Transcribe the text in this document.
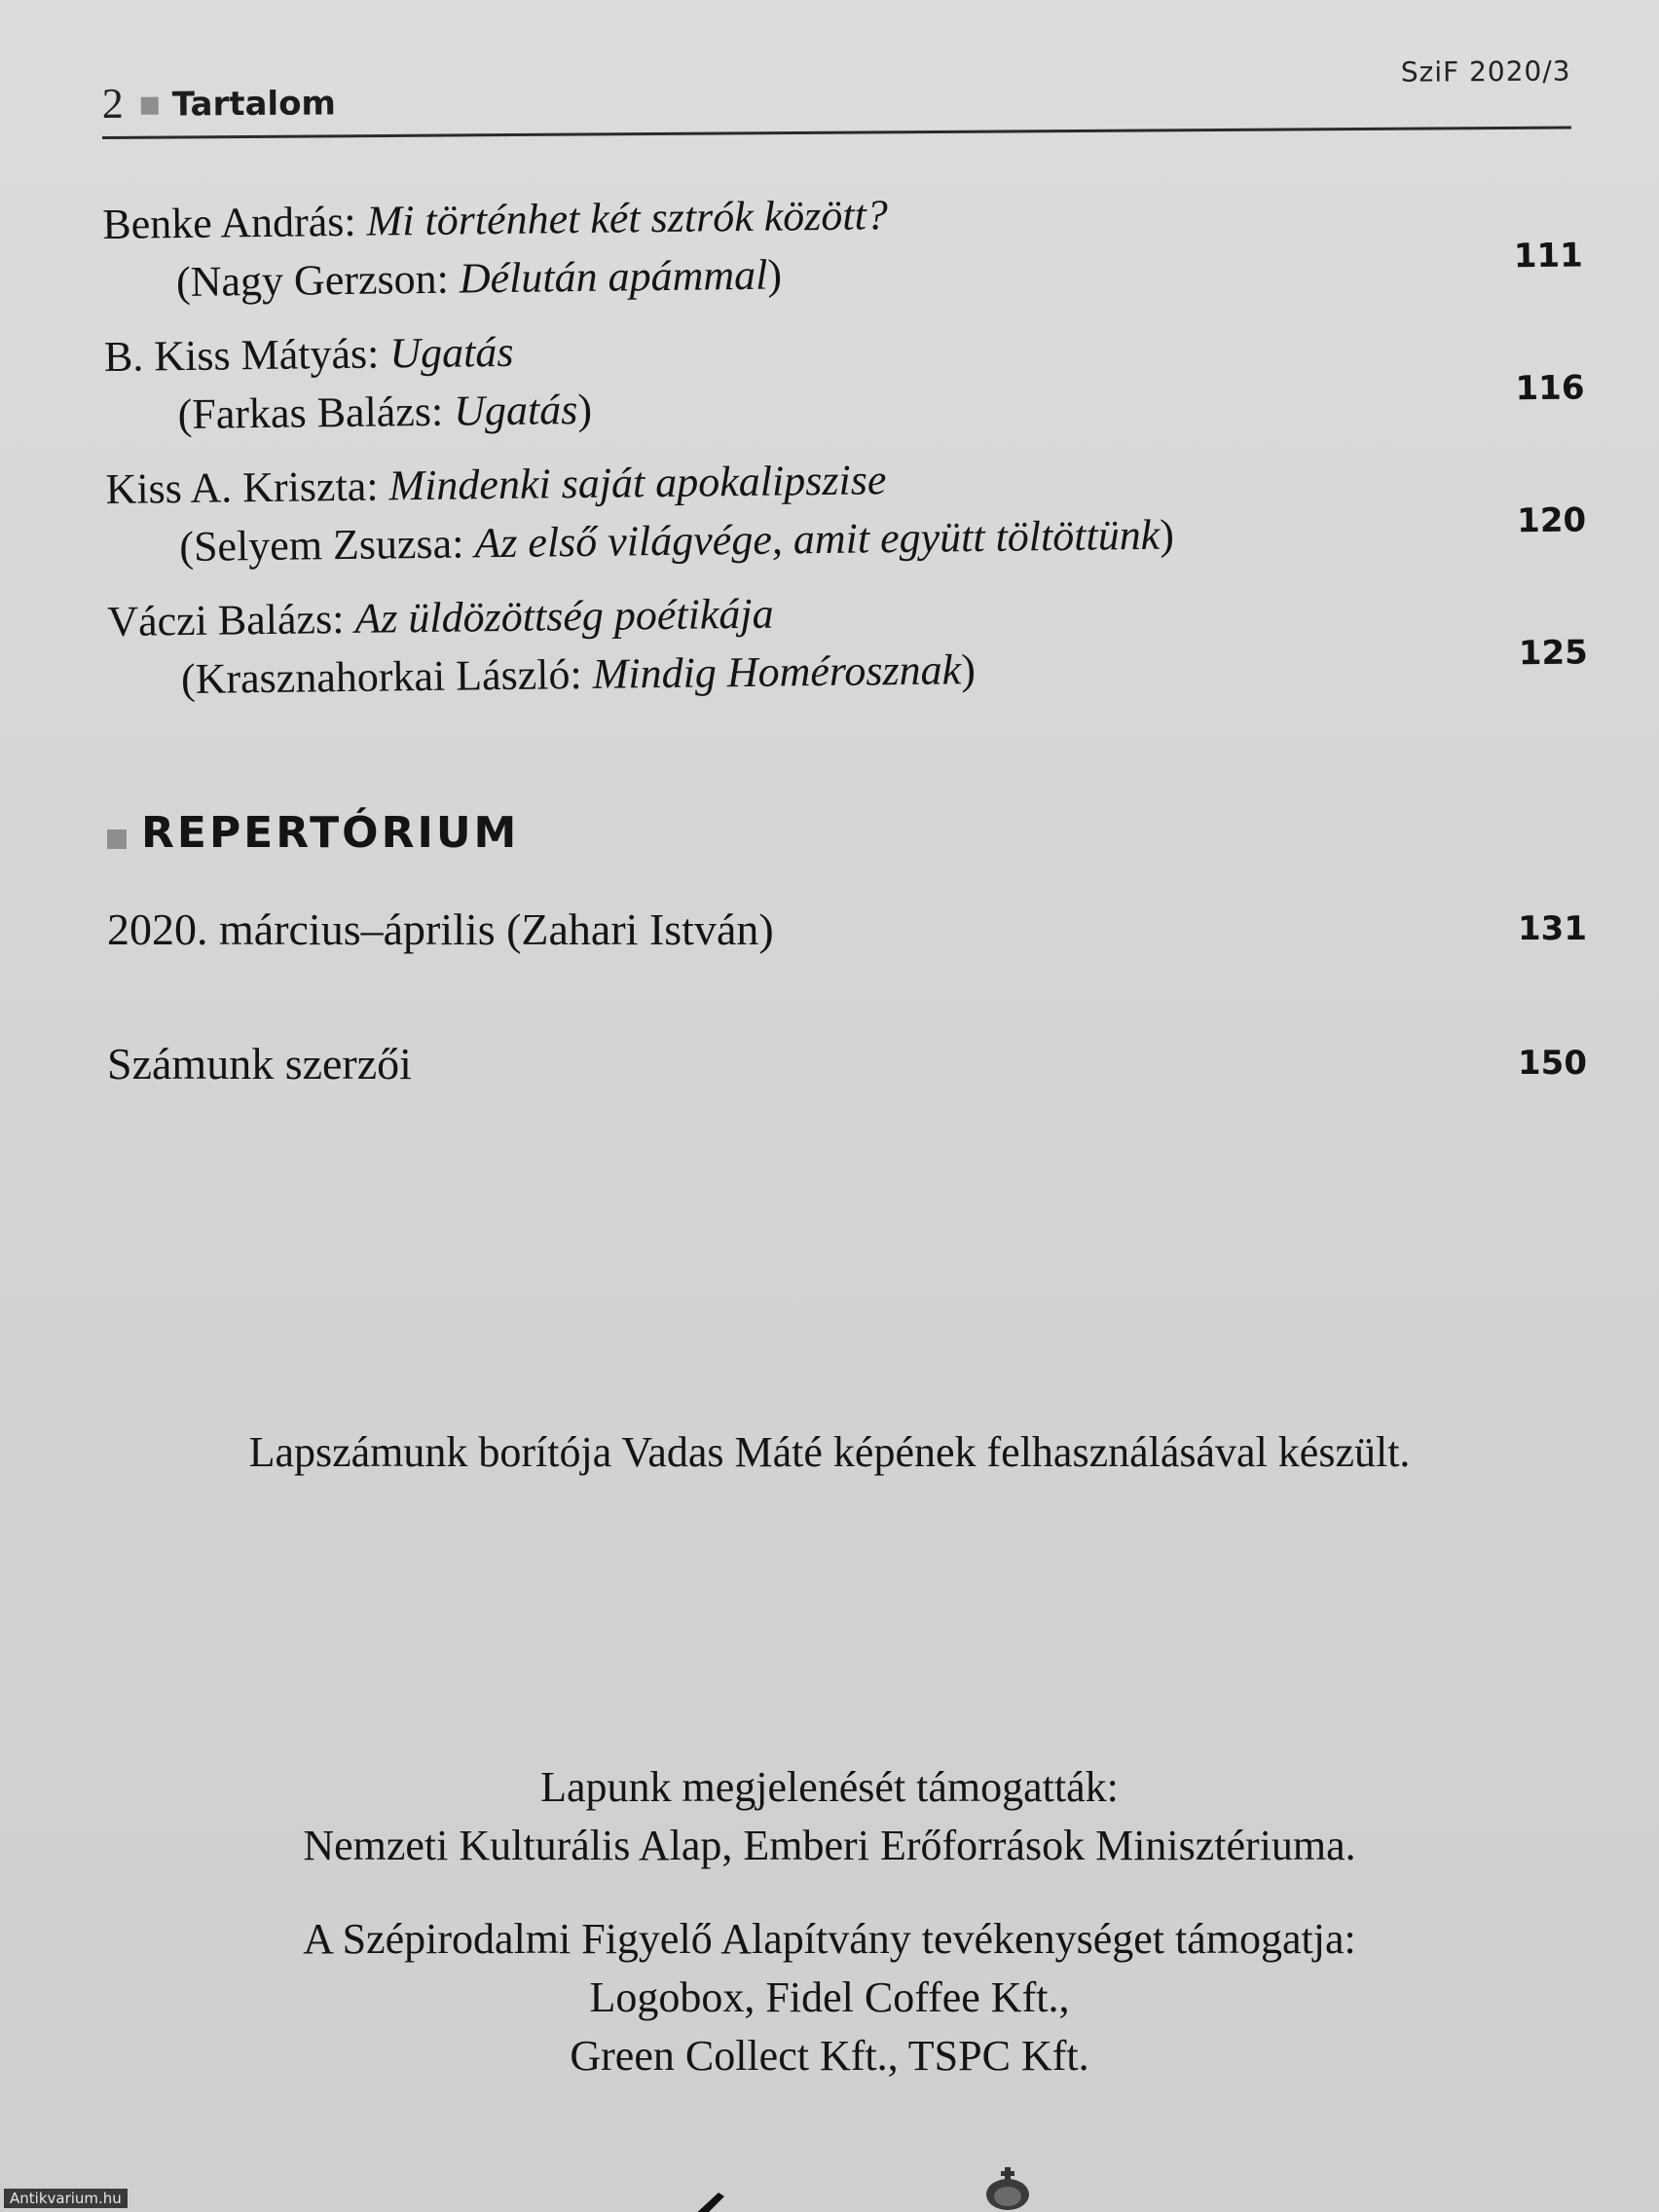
2 Tartalom
SziF 2020/3
Benke András: Mi történhet két sztrók között?
(Nagy Gerzson: Délután apámmal)	111
B. Kiss Mátyás: Ugatás
(Farkas Balázs: Ugatás)	116
Kiss A. Kriszta: Mindenki saját apokalipszise
(Selyem Zsuzsa: Az első világvége, amit együtt töltöttünk)	120
Váczi Balázs: Az üldözöttség poétikája
(Krasznahorkai László: Mindig Homérosznak)	125
REPERTÓRIUM
2020. március–április (Zahari István)	131
Számunk szerzői	150
Lapszámunk borítója Vadas Máté képének felhasználásával készült.
Lapunk megjelenését támogatták:
Nemzeti Kulturális Alap, Emberi Erőforrások Minisztériuma.
A Szépirodalmi Figyelő Alapítvány tevékenységet támogatja:
Logobox, Fidel Coffee Kft.,
Green Collect Kft., TSPC Kft.
Antikvarium.hu
